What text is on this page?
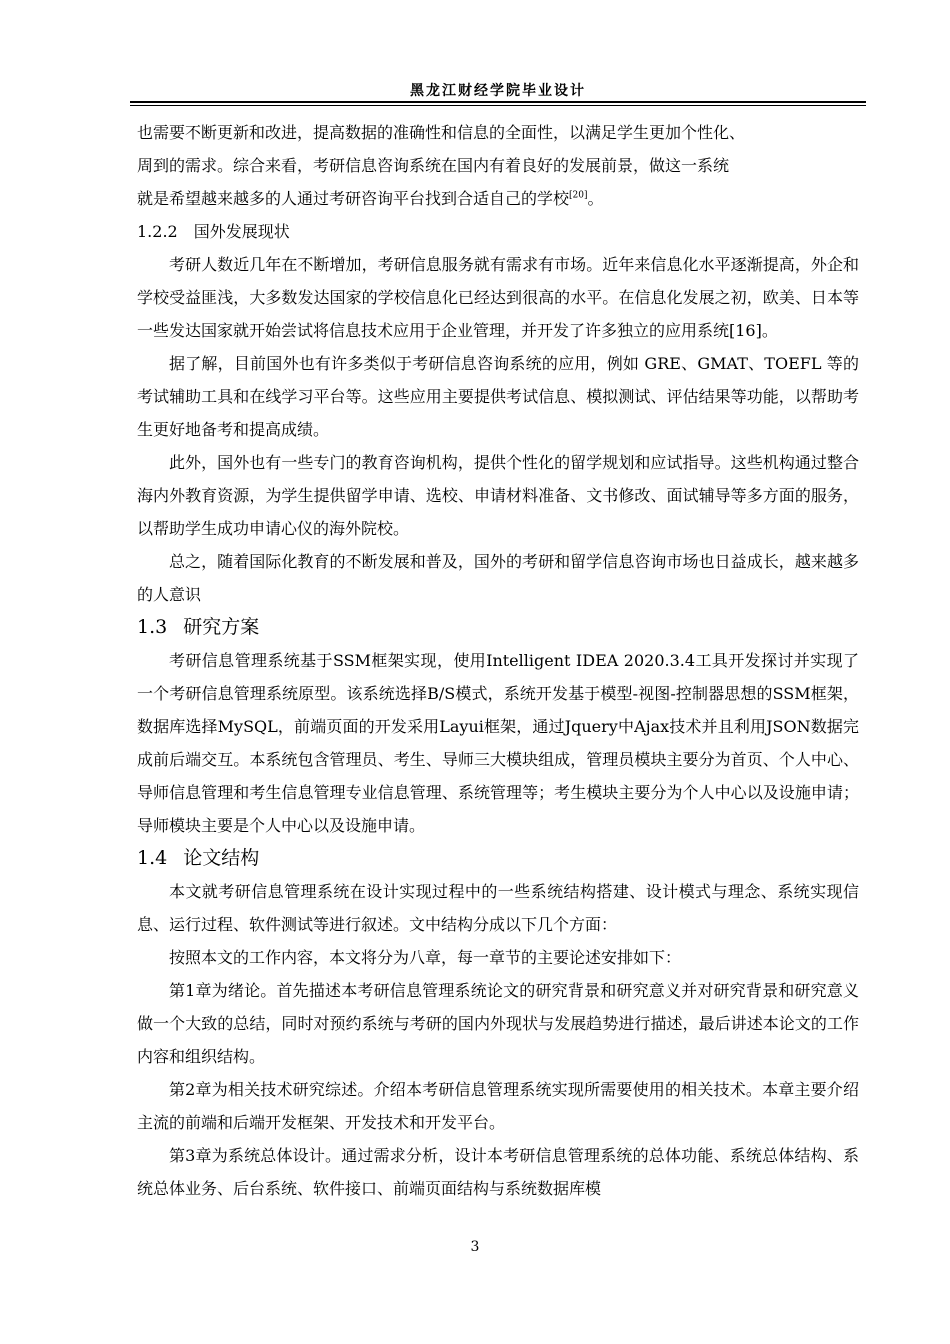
黑龙江财经学院毕业设计

也需要不断更新和改进，提高数据的准确性和信息的全面性，以满足学生更加个性化、
周到的需求。综合来看，考研信息咨询系统在国内有着良好的发展前景，做这一系统
就是希望越来越多的人通过考研咨询平台找到合适自己的学校[20]。

1.2.2 国外发展现状

考研人数近几年在不断增加，考研信息服务就有需求有市场。近年来信息化水平逐渐提高，外企和学校受益匪浅，大多数发达国家的学校信息化已经达到很高的水平。在信息化发展之初，欧美、日本等一些发达国家就开始尝试将信息技术应用于企业管理，并开发了许多独立的应用系统[16]。

据了解，目前国外也有许多类似于考研信息咨询系统的应用，例如 GRE、GMAT、TOEFL 等的考试辅助工具和在线学习平台等。这些应用主要提供考试信息、模拟测试、评估结果等功能，以帮助考生更好地备考和提高成绩。

此外，国外也有一些专门的教育咨询机构，提供个性化的留学规划和应试指导。这些机构通过整合海内外教育资源，为学生提供留学申请、选校、申请材料准备、文书修改、面试辅导等多方面的服务，以帮助学生成功申请心仪的海外院校。

总之，随着国际化教育的不断发展和普及，国外的考研和留学信息咨询市场也日益成长，越来越多的人意识

1.3 研究方案

考研信息管理系统基于SSM框架实现，使用Intelligent IDEA 2020.3.4工具开发探讨并实现了一个考研信息管理系统原型。该系统选择B/S模式，系统开发基于模型-视图-控制器思想的SSM框架，数据库选择MySQL，前端页面的开发采用Layui框架，通过Jquery中Ajax技术并且利用JSON数据完成前后端交互。本系统包含管理员、考生、导师三大模块组成，管理员模块主要分为首页、个人中心、导师信息管理和考生信息管理专业信息管理、系统管理等；考生模块主要分为个人中心以及设施申请；导师模块主要是个人中心以及设施申请。

1.4 论文结构

本文就考研信息管理系统在设计实现过程中的一些系统结构搭建、设计模式与理念、系统实现信息、运行过程、软件测试等进行叙述。文中结构分成以下几个方面：

按照本文的工作内容，本文将分为八章，每一章节的主要论述安排如下：

第1章为绪论。首先描述本考研信息管理系统论文的研究背景和研究意义并对研究背景和研究意义做一个大致的总结，同时对预约系统与考研的国内外现状与发展趋势进行描述，最后讲述本论文的工作内容和组织结构。

第2章为相关技术研究综述。介绍本考研信息管理系统实现所需要使用的相关技术。本章主要介绍主流的前端和后端开发框架、开发技术和开发平台。

第3章为系统总体设计。通过需求分析，设计本考研信息管理系统的总体功能、系统总体结构、系统总体业务、后台系统、软件接口、前端页面结构与系统数据库模

3
